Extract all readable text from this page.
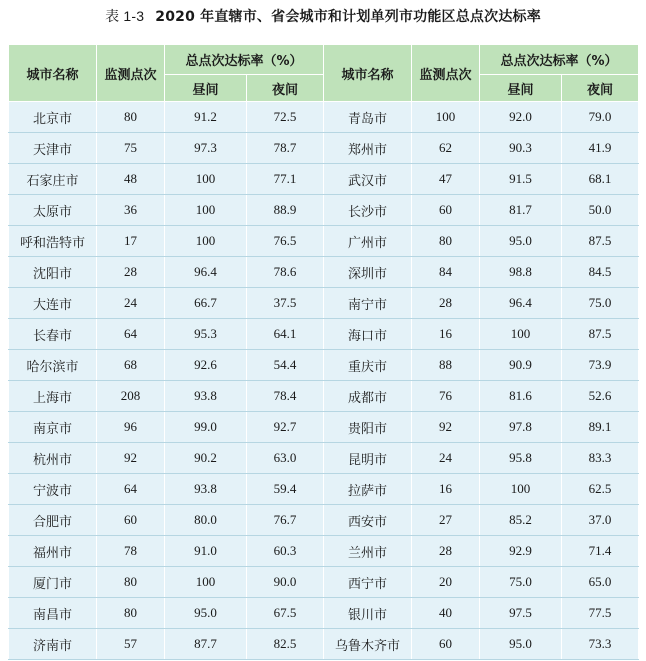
表 1-3 2020 年直辖市、省会城市和计划单列市功能区总点次达标率
城市名称	监测点次	总点次达标率（%）		城市名称	监测点次	总点次达标率（%）	
		昼间	夜间			昼间	夜间
北京市	80	91.2	72.5	青岛市	100	92.0	79.0
天津市	75	97.3	78.7	郑州市	62	90.3	41.9
石家庄市	48	100	77.1	武汉市	47	91.5	68.1
太原市	36	100	88.9	长沙市	60	81.7	50.0
呼和浩特市	17	100	76.5	广州市	80	95.0	87.5
沈阳市	28	96.4	78.6	深圳市	84	98.8	84.5
大连市	24	66.7	37.5	南宁市	28	96.4	75.0
长春市	64	95.3	64.1	海口市	16	100	87.5
哈尔滨市	68	92.6	54.4	重庆市	88	90.9	73.9
上海市	208	93.8	78.4	成都市	76	81.6	52.6
南京市	96	99.0	92.7	贵阳市	92	97.8	89.1
杭州市	92	90.2	63.0	昆明市	24	95.8	83.3
宁波市	64	93.8	59.4	拉萨市	16	100	62.5
合肥市	60	80.0	76.7	西安市	27	85.2	37.0
福州市	78	91.0	60.3	兰州市	28	92.9	71.4
厦门市	80	100	90.0	西宁市	20	75.0	65.0
南昌市	80	95.0	67.5	银川市	40	97.5	77.5
济南市	57	87.7	82.5	乌鲁木齐市	60	95.0	73.3
